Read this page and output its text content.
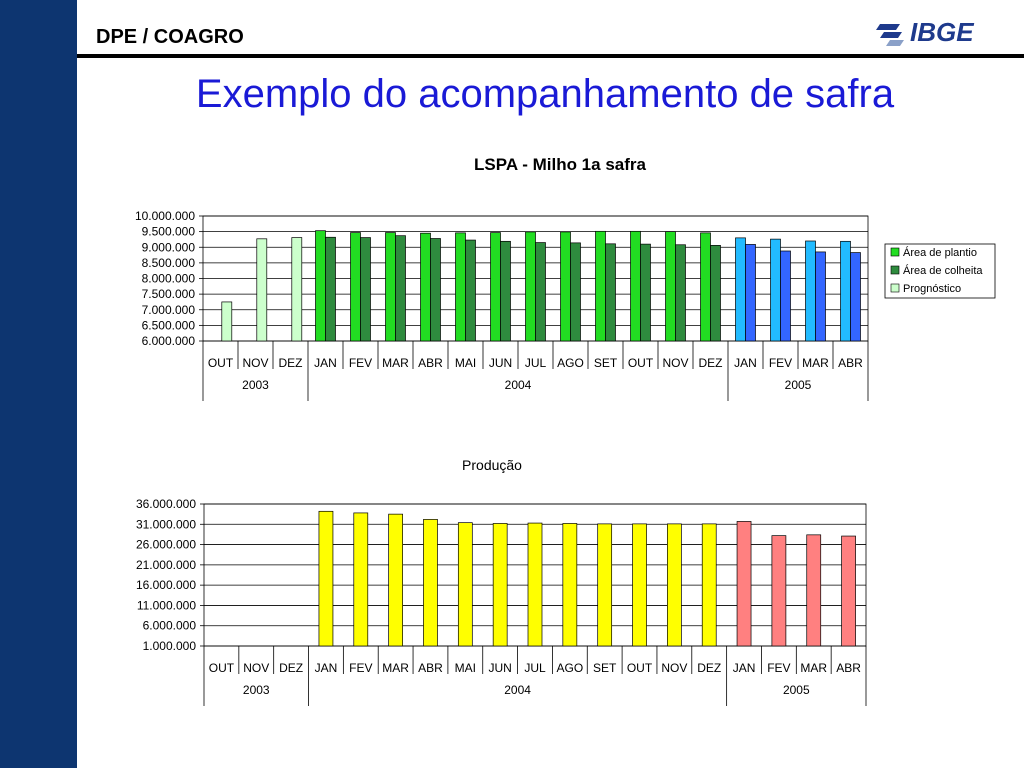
DPE / COAGRO	IBGE
Exemplo do acompanhamento de safra
LSPA - Milho 1a safra
6.000.000
6.500.000
7.000.000
7.500.000
8.000.000
8.500.000
9.000.000
9.500.000
10.000.000
OUT NOV DEZ JAN FEV MAR ABR MAI JUN JUL AGO SET OUT NOV DEZ JAN FEV MAR ABR
2003	2004	2005
Área de plantio
Área de colheita
Prognóstico
Produção
1.000.000
6.000.000
11.000.000
16.000.000
21.000.000
26.000.000
31.000.000
36.000.000
OUT NOV DEZ JAN FEV MAR ABR MAI JUN JUL AGO SET OUT NOV DEZ JAN FEV MAR ABR
2003	2004	2005
